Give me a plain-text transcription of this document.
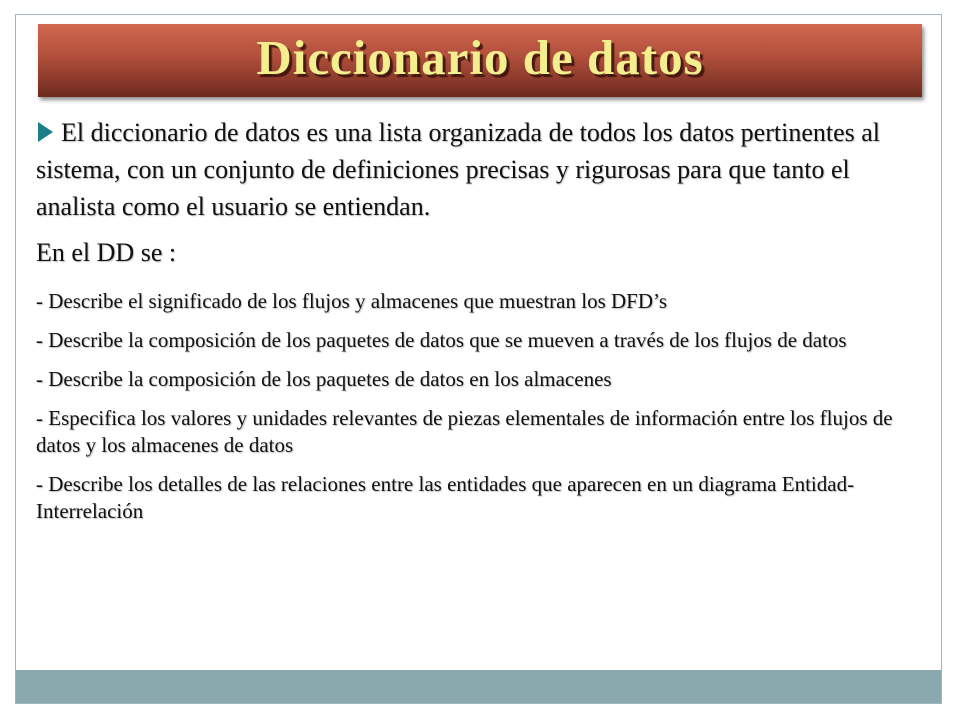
Diccionario de datos

El diccionario de datos es una lista organizada de todos los datos pertinentes al sistema, con un conjunto de definiciones precisas y rigurosas para que tanto el analista como el usuario se entiendan.

En el DD se :

- Describe el significado de los flujos y almacenes que muestran los DFD’s

- Describe la composición de los paquetes de datos que se mueven a través de los flujos de datos

- Describe la composición de los paquetes de datos en los almacenes

- Especifica los valores y unidades relevantes de piezas elementales de información entre los flujos de datos y los almacenes de datos

- Describe los detalles de las relaciones entre las entidades que aparecen en un diagrama Entidad- Interrelación
